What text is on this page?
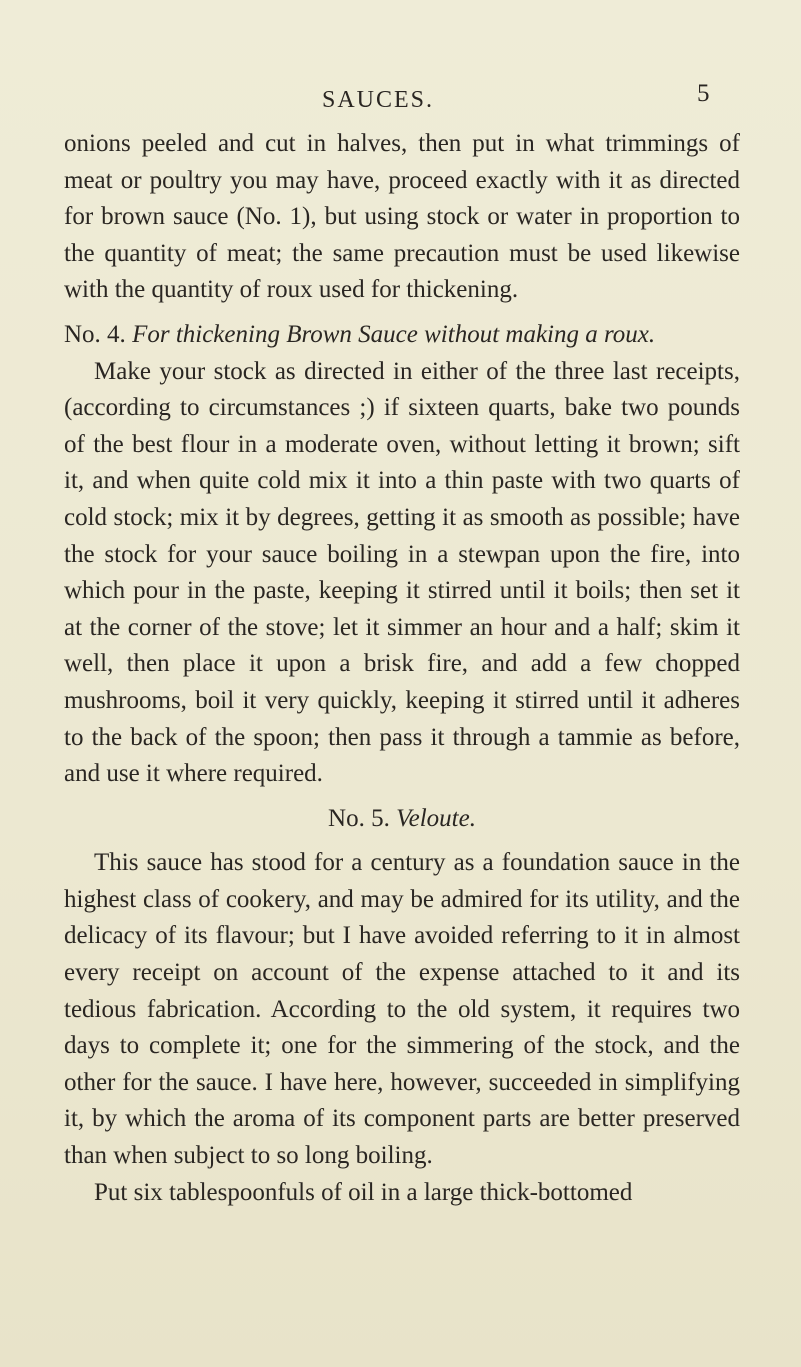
SAUCES.	5

onions peeled and cut in halves, then put in what trimmings of meat or poultry you may have, proceed exactly with it as directed for brown sauce (No. 1), but using stock or water in proportion to the quantity of meat; the same precaution must be used likewise with the quantity of roux used for thickening.

No. 4. For thickening Brown Sauce without making a roux.

Make your stock as directed in either of the three last receipts, (according to circumstances ;) if sixteen quarts, bake two pounds of the best flour in a moderate oven, without letting it brown; sift it, and when quite cold mix it into a thin paste with two quarts of cold stock; mix it by degrees, getting it as smooth as possible; have the stock for your sauce boiling in a stewpan upon the fire, into which pour in the paste, keeping it stirred until it boils; then set it at the corner of the stove; let it simmer an hour and a half; skim it well, then place it upon a brisk fire, and add a few chopped mushrooms, boil it very quickly, keeping it stirred until it adheres to the back of the spoon; then pass it through a tammie as before, and use it where required.

No. 5. Veloute.

This sauce has stood for a century as a foundation sauce in the highest class of cookery, and may be admired for its utility, and the delicacy of its flavour; but I have avoided referring to it in almost every receipt on account of the expense attached to it and its tedious fabrication. According to the old system, it requires two days to complete it; one for the simmering of the stock, and the other for the sauce. I have here, however, succeeded in simplifying it, by which the aroma of its component parts are better preserved than when subject to so long boiling.

Put six tablespoonfuls of oil in a large thick-bottomed
